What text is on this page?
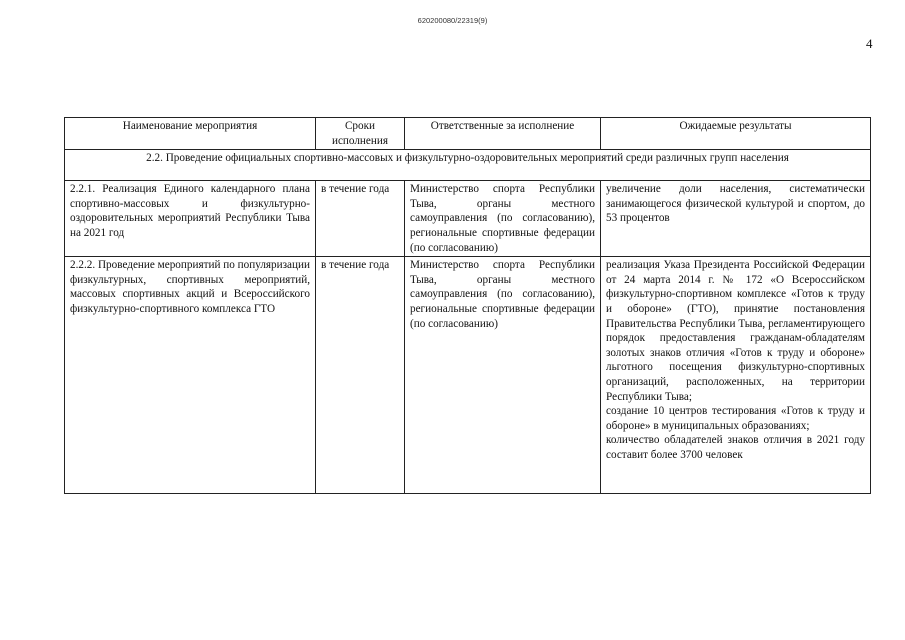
620200080/22319(9)
4
Наименование мероприятия	Сроки исполнения	Ответственные за исполнение	Ожидаемые результаты
2.2. Проведение официальных спортивно-массовых и физкультурно-оздоровительных мероприятий среди различных групп населения			
2.2.1. Реализация Единого календарного плана спортивно-массовых и физкультурно-оздоровительных мероприятий Республики Тыва на 2021 год	в течение года	Министерство спорта Республики Тыва, органы местного самоуправления (по согласованию), региональные спортивные федерации (по согласованию)	увеличение доли населения, систематически занимающегося физической культурой и спортом, до 53 процентов

2.2.2. Проведение мероприятий по популяризации физкультурных, спортивных мероприятий, массовых спортивных акций и Всероссийского физкультурно-спортивного комплекса ГТО	в течение года	Министерство спорта Республики Тыва, органы местного самоуправления (по согласованию), региональные спортивные федерации (по согласованию)	реализация Указа Президента Российской Федерации от 24 марта 2014 г. № 172 «О Всероссийском физкультурно-спортивном комплексе «Готов к труду и обороне» (ГТО), принятие постановления Правительства Республики Тыва, регламентирующего порядок предоставления гражданам-обладателям золотых знаков отличия «Готов к труду и обороне» льготного посещения физкультурно-спортивных организаций, расположенных, на территории Республики Тыва;

создание 10 центров тестирования «Готов к труду и обороне» в муниципальных образованиях;

количество обладателей знаков отличия в 2021 году составит более 3700 человек
